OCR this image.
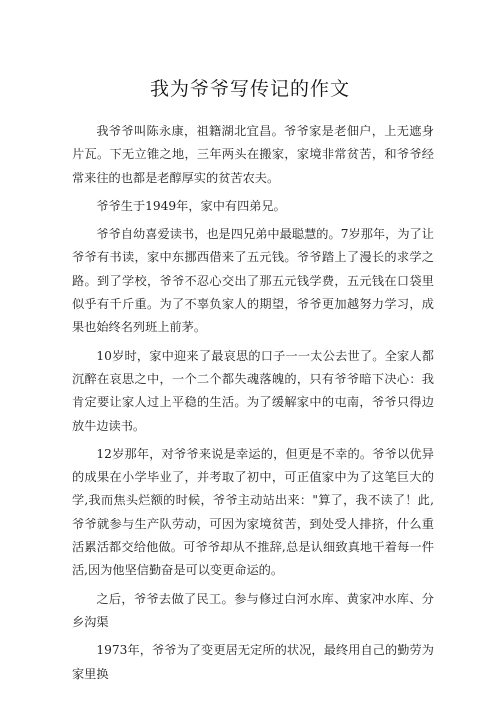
我为爷爷写传记的作文

我爷爷叫陈永康，祖籍湖北宜昌。爷爷家是老佃户，上无遮身片瓦。下无立锥之地，三年两头在搬家，家境非常贫苦，和爷爷经常来往的也都是老醇厚实的贫苦农夫。

爷爷生于1949年，家中有四弟兄。

爷爷自幼喜爱读书，也是四兄弟中最聪慧的。7岁那年，为了让爷爷有书读，家中东挪西借来了五元钱。爷爷踏上了漫长的求学之路。到了学校，爷爷不忍心交出了那五元钱学费，五元钱在口袋里似乎有千斤重。为了不辜负家人的期望，爷爷更加越努力学习，成果也始终名列班上前茅。

10岁时，家中迎来了最哀思的口子一一太公去世了。全家人都沉醉在哀思之中，一个二个都失魂落魄的，只有爷爷暗下决心：我肯定要让家人过上平稳的生活。为了缓解家中的屯南，爷爷只得边放牛边读书。

12岁那年，对爷爷来说是幸运的，但更是不幸的。爷爷以优异的成果在小学毕业了，并考取了初中，可正值家中为了这笔巨大的学,我而焦头烂额的时候，爷爷主动站出来："算了，我不读了！此,爷爷就参与生产队劳动，可因为家境贫苦，到处受人排挤，什么重活累活都交给他做。可爷爷却从不推辞,总是认细致真地干着每一件活,因为他坚信勤奋是可以变更命运的。

之后，爷爷去做了民工。参与修过白河水库、黄家冲水库、分乡沟渠

1973年，爷爷为了变更居无定所的状况，最终用自己的勤劳为家里换
